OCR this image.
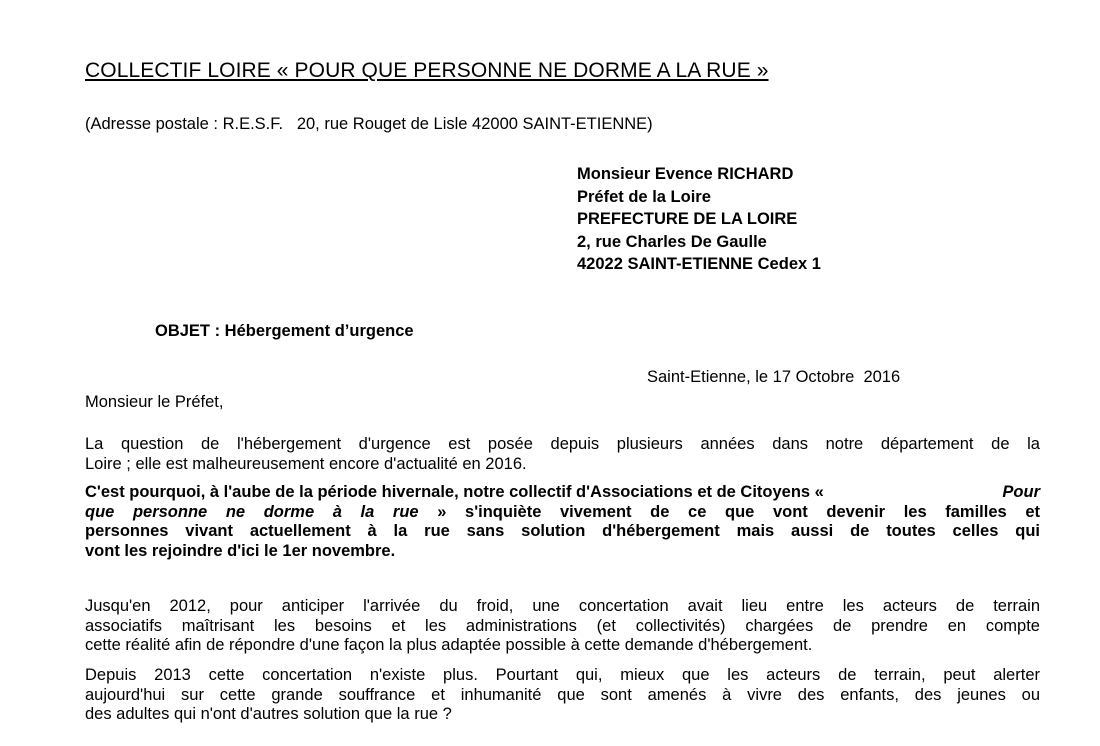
COLLECTIF LOIRE « POUR QUE PERSONNE NE DORME A LA RUE »
(Adresse postale : R.E.S.F.   20, rue Rouget de Lisle 42000 SAINT-ETIENNE)
Monsieur Evence RICHARD
Préfet de la Loire
PREFECTURE DE LA LOIRE
2, rue Charles De Gaulle
42022 SAINT-ETIENNE Cedex 1
OBJET : Hébergement d’urgence
Saint-Etienne, le 17 Octobre  2016
Monsieur le Préfet,
La question de l'hébergement d'urgence est posée depuis plusieurs années dans notre département de la
Loire ; elle est malheureusement encore d'actualité en 2016.
C'est pourquoi, à l'aube de la période hivernale, notre collectif d'Associations et de Citoyens «	Pour
que personne ne dorme à la rue » s'inquiète vivement de ce que vont devenir les familles et
personnes vivant actuellement à la rue sans solution d'hébergement mais aussi de toutes celles qui
vont les rejoindre d'ici le 1er novembre.
Jusqu'en 2012, pour anticiper l'arrivée du froid, une concertation avait lieu entre les acteurs de terrain
associatifs maîtrisant les besoins et les administrations (et collectivités) chargées de prendre en compte
cette réalité afin de répondre d'une façon la plus adaptée possible à cette demande d'hébergement.
Depuis 2013 cette concertation n'existe plus. Pourtant qui, mieux que les acteurs de terrain, peut alerter
aujourd'hui sur cette grande souffrance et inhumanité que sont amenés à vivre des enfants, des jeunes ou
des adultes qui n'ont d'autres solution que la rue ?
